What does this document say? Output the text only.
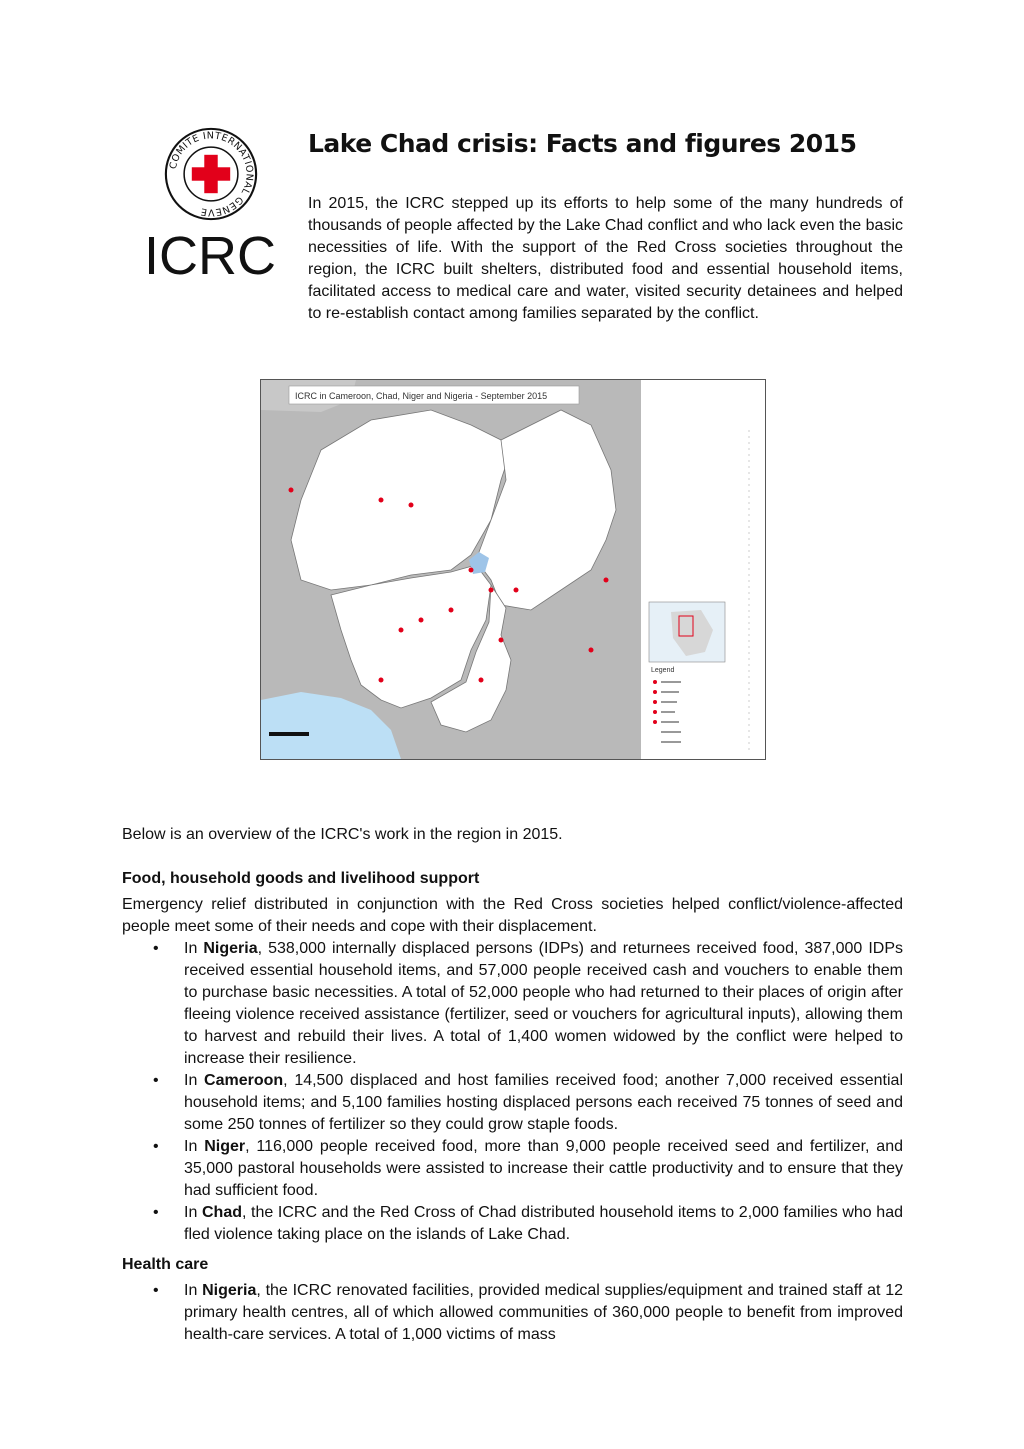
COMITE INTERNATIONAL GENEVE
ICRC
Lake Chad crisis: Facts and figures 2015

In 2015, the ICRC stepped up its efforts to help some of the many hundreds of thousands of people affected by the Lake Chad conflict and who lack even the basic necessities of life. With the support of the Red Cross societies throughout the region, the ICRC built shelters, distributed food and essential household items, facilitated access to medical care and water, visited security detainees and helped to re-establish contact among families separated by the conflict.

ICRC in Cameroon, Chad, Niger and Nigeria - September 2015
Legend

Below is an overview of the ICRC's work in the region in 2015.

Food, household goods and livelihood support

Emergency relief distributed in conjunction with the Red Cross societies helped conflict/violence-affected people meet some of their needs and cope with their displacement.

• In Nigeria, 538,000 internally displaced persons (IDPs) and returnees received food, 387,000 IDPs received essential household items, and 57,000 people received cash and vouchers to enable them to purchase basic necessities. A total of 52,000 people who had returned to their places of origin after fleeing violence received assistance (fertilizer, seed or vouchers for agricultural inputs), allowing them to harvest and rebuild their lives. A total of 1,400 women widowed by the conflict were helped to increase their resilience.
• In Cameroon, 14,500 displaced and host families received food; another 7,000 received essential household items; and 5,100 families hosting displaced persons each received 75 tonnes of seed and some 250 tonnes of fertilizer so they could grow staple foods.
• In Niger, 116,000 people received food, more than 9,000 people received seed and fertilizer, and 35,000 pastoral households were assisted to increase their cattle productivity and to ensure that they had sufficient food.
• In Chad, the ICRC and the Red Cross of Chad distributed household items to 2,000 families who had fled violence taking place on the islands of Lake Chad.
Health care
• In Nigeria, the ICRC renovated facilities, provided medical supplies/equipment and trained staff at 12 primary health centres, all of which allowed communities of 360,000 people to benefit from improved health-care services. A total of 1,000 victims of mass
